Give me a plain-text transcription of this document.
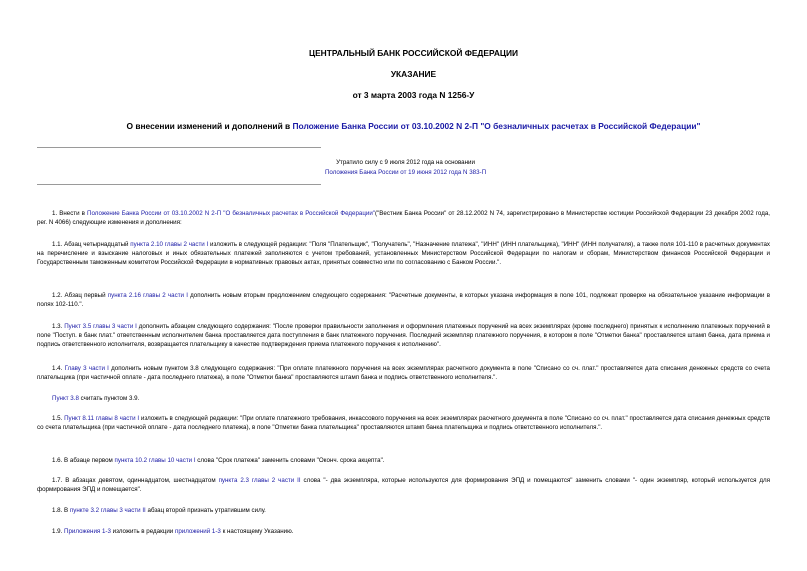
ЦЕНТРАЛЬНЫЙ БАНК РОССИЙСКОЙ ФЕДЕРАЦИИ
УКАЗАНИЕ
от 3 марта 2003 года N 1256-У
О внесении изменений и дополнений в Положение Банка России от 03.10.2002 N 2-П "О безналичных расчетах в Российской Федерации"
Утратило силу с 9 июля 2012 года на основании
Положения Банка России от 19 июня 2012 года N 383-П

1. Внести в Положение Банка России от 03.10.2002 N 2-П "О безналичных расчетах в Российской Федерации"("Вестник Банка России" от 28.12.2002 N 74, зарегистрировано в Министерстве юстиции Российской Федерации 23 декабря 2002 года, рег. N 4066) следующие изменения и дополнения:

1.1. Абзац четырнадцатый пункта 2.10 главы 2 части I изложить в следующей редакции: "Поля "Плательщик", "Получатель", "Назначение платежа", "ИНН" (ИНН плательщика), "ИНН" (ИНН получателя), а также поля 101-110 в расчетных документах на перечисление и взыскание налоговых и иных обязательных платежей заполняются с учетом требований, установленных Министерством Российской Федерации по налогам и сборам, Министерством финансов Российской Федерации и Государственным таможенным комитетом Российской Федерации в нормативных правовых актах, принятых совместно или по согласованию с Банком России.".

1.2. Абзац первый пункта 2.16 главы 2 части I дополнить новым вторым предложением следующего содержания: "Расчетные документы, в которых указана информация в поле 101, подлежат проверке на обязательное указание информации в полях 102-110.".

1.3. Пункт 3.5 главы 3 части I дополнить абзацем следующего содержания: "После проверки правильности заполнения и оформления платежных поручений на всех экземплярах (кроме последнего) принятых к исполнению платежных поручений в поле "Поступ. в банк плат." ответственным исполнителем банка проставляется дата поступления в банк платежного поручения. Последний экземпляр платежного поручения, в котором в поле "Отметки банка" проставляется штамп банка, дата приема и подпись ответственного исполнителя, возвращается плательщику в качестве подтверждения приема платежного поручения к исполнению".

1.4. Главу 3 части I дополнить новым пунктом 3.8 следующего содержания: "При оплате платежного поручения на всех экземплярах расчетного документа в поле "Списано со сч. плат." проставляется дата списания денежных средств со счета плательщика (при частичной оплате - дата последнего платежа), в поле "Отметки банка" проставляются штамп банка и подпись ответственного исполнителя.".

Пункт 3.8 считать пунктом 3.9.

1.5. Пункт 8.11 главы 8 части I изложить в следующей редакции: "При оплате платежного требования, инкассового поручения на всех экземплярах расчетного документа в поле "Списано со сч. плат." проставляется дата списания денежных средств со счета плательщика (при частичной оплате - дата последнего платежа), в поле "Отметки банка плательщика" проставляются штамп банка плательщика и подпись ответственного исполнителя.".

1.6. В абзаце первом пункта 10.2 главы 10 части I слова "Срок платежа" заменить словами "Оконч. срока акцепта".

1.7. В абзацах девятом, одиннадцатом, шестнадцатом пункта 2.3 главы 2 части II слова "- два экземпляра, которые используются для формирования ЭПД и помещаются" заменить словами "- один экземпляр, который используется для формирования ЭПД и помещается".

1.8. В пункте 3.2 главы 3 части II абзац второй признать утратившим силу.

1.9. Приложения 1-3 изложить в редакции приложений 1-3 к настоящему Указанию.
